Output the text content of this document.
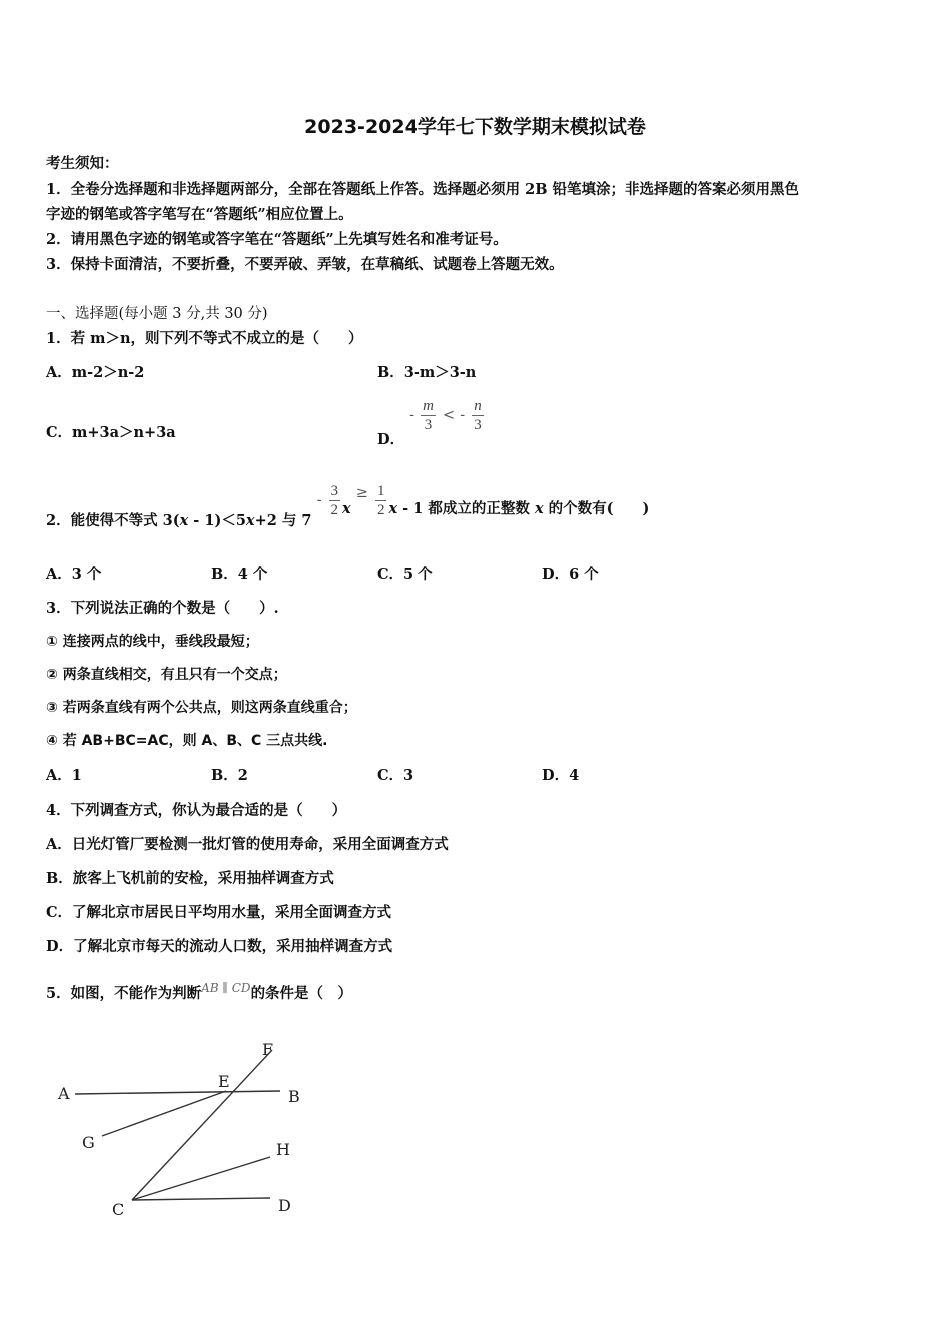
2023-2024学年七下数学期末模拟试卷
考生须知：
1．全卷分选择题和非选择题两部分，全部在答题纸上作答。选择题必须用 2B 铅笔填涂；非选择题的答案必须用黑色
字迹的钢笔或答字笔写在“答题纸”相应位置上。
2．请用黑色字迹的钢笔或答字笔在“答题纸”上先填写姓名和准考证号。
3．保持卡面清洁，不要折叠，不要弄破、弄皱，在草稿纸、试题卷上答题无效。
一、选择题(每小题 3 分,共 30 分)
1．若 m＞n，则下列不等式不成立的是（　　）
A．m-2＞n-2	B．3-m＞3-n
C．m+3a＞n+3a	D． - $\frac{m}{3}$ < - $\frac{n}{3}$
2．能使得不等式 3(x - 1)＜5x+2 与 $7 - \frac{3}{2}$ $x \ge \frac{1}{2}$ x - 1 都成立的正整数 x 的个数有(　　)
A．3 个	B．4 个	C．5 个	D．6 个
3．下列说法正确的个数是（　　）.
① 连接两点的线中，垂线段最短；
② 两条直线相交，有且只有一个交点；
③ 若两条直线有两个公共点，则这两条直线重合；
④ 若 AB+BC=AC，则 A、B、C 三点共线.
A．1	B．2	C．3	D．4
4．下列调查方式，你认为最合适的是（　　）
A．日光灯管厂要检测一批灯管的使用寿命，采用全面调查方式
B．旅客上飞机前的安检，采用抽样调查方式
C．了解北京市居民日平均用水量，采用全面调查方式
D．了解北京市每天的流动人口数，采用抽样调查方式
5．如图，不能作为判断$^{AB \parallel CD}$的条件是（　）
A	B
C	D
E
F
G	H
